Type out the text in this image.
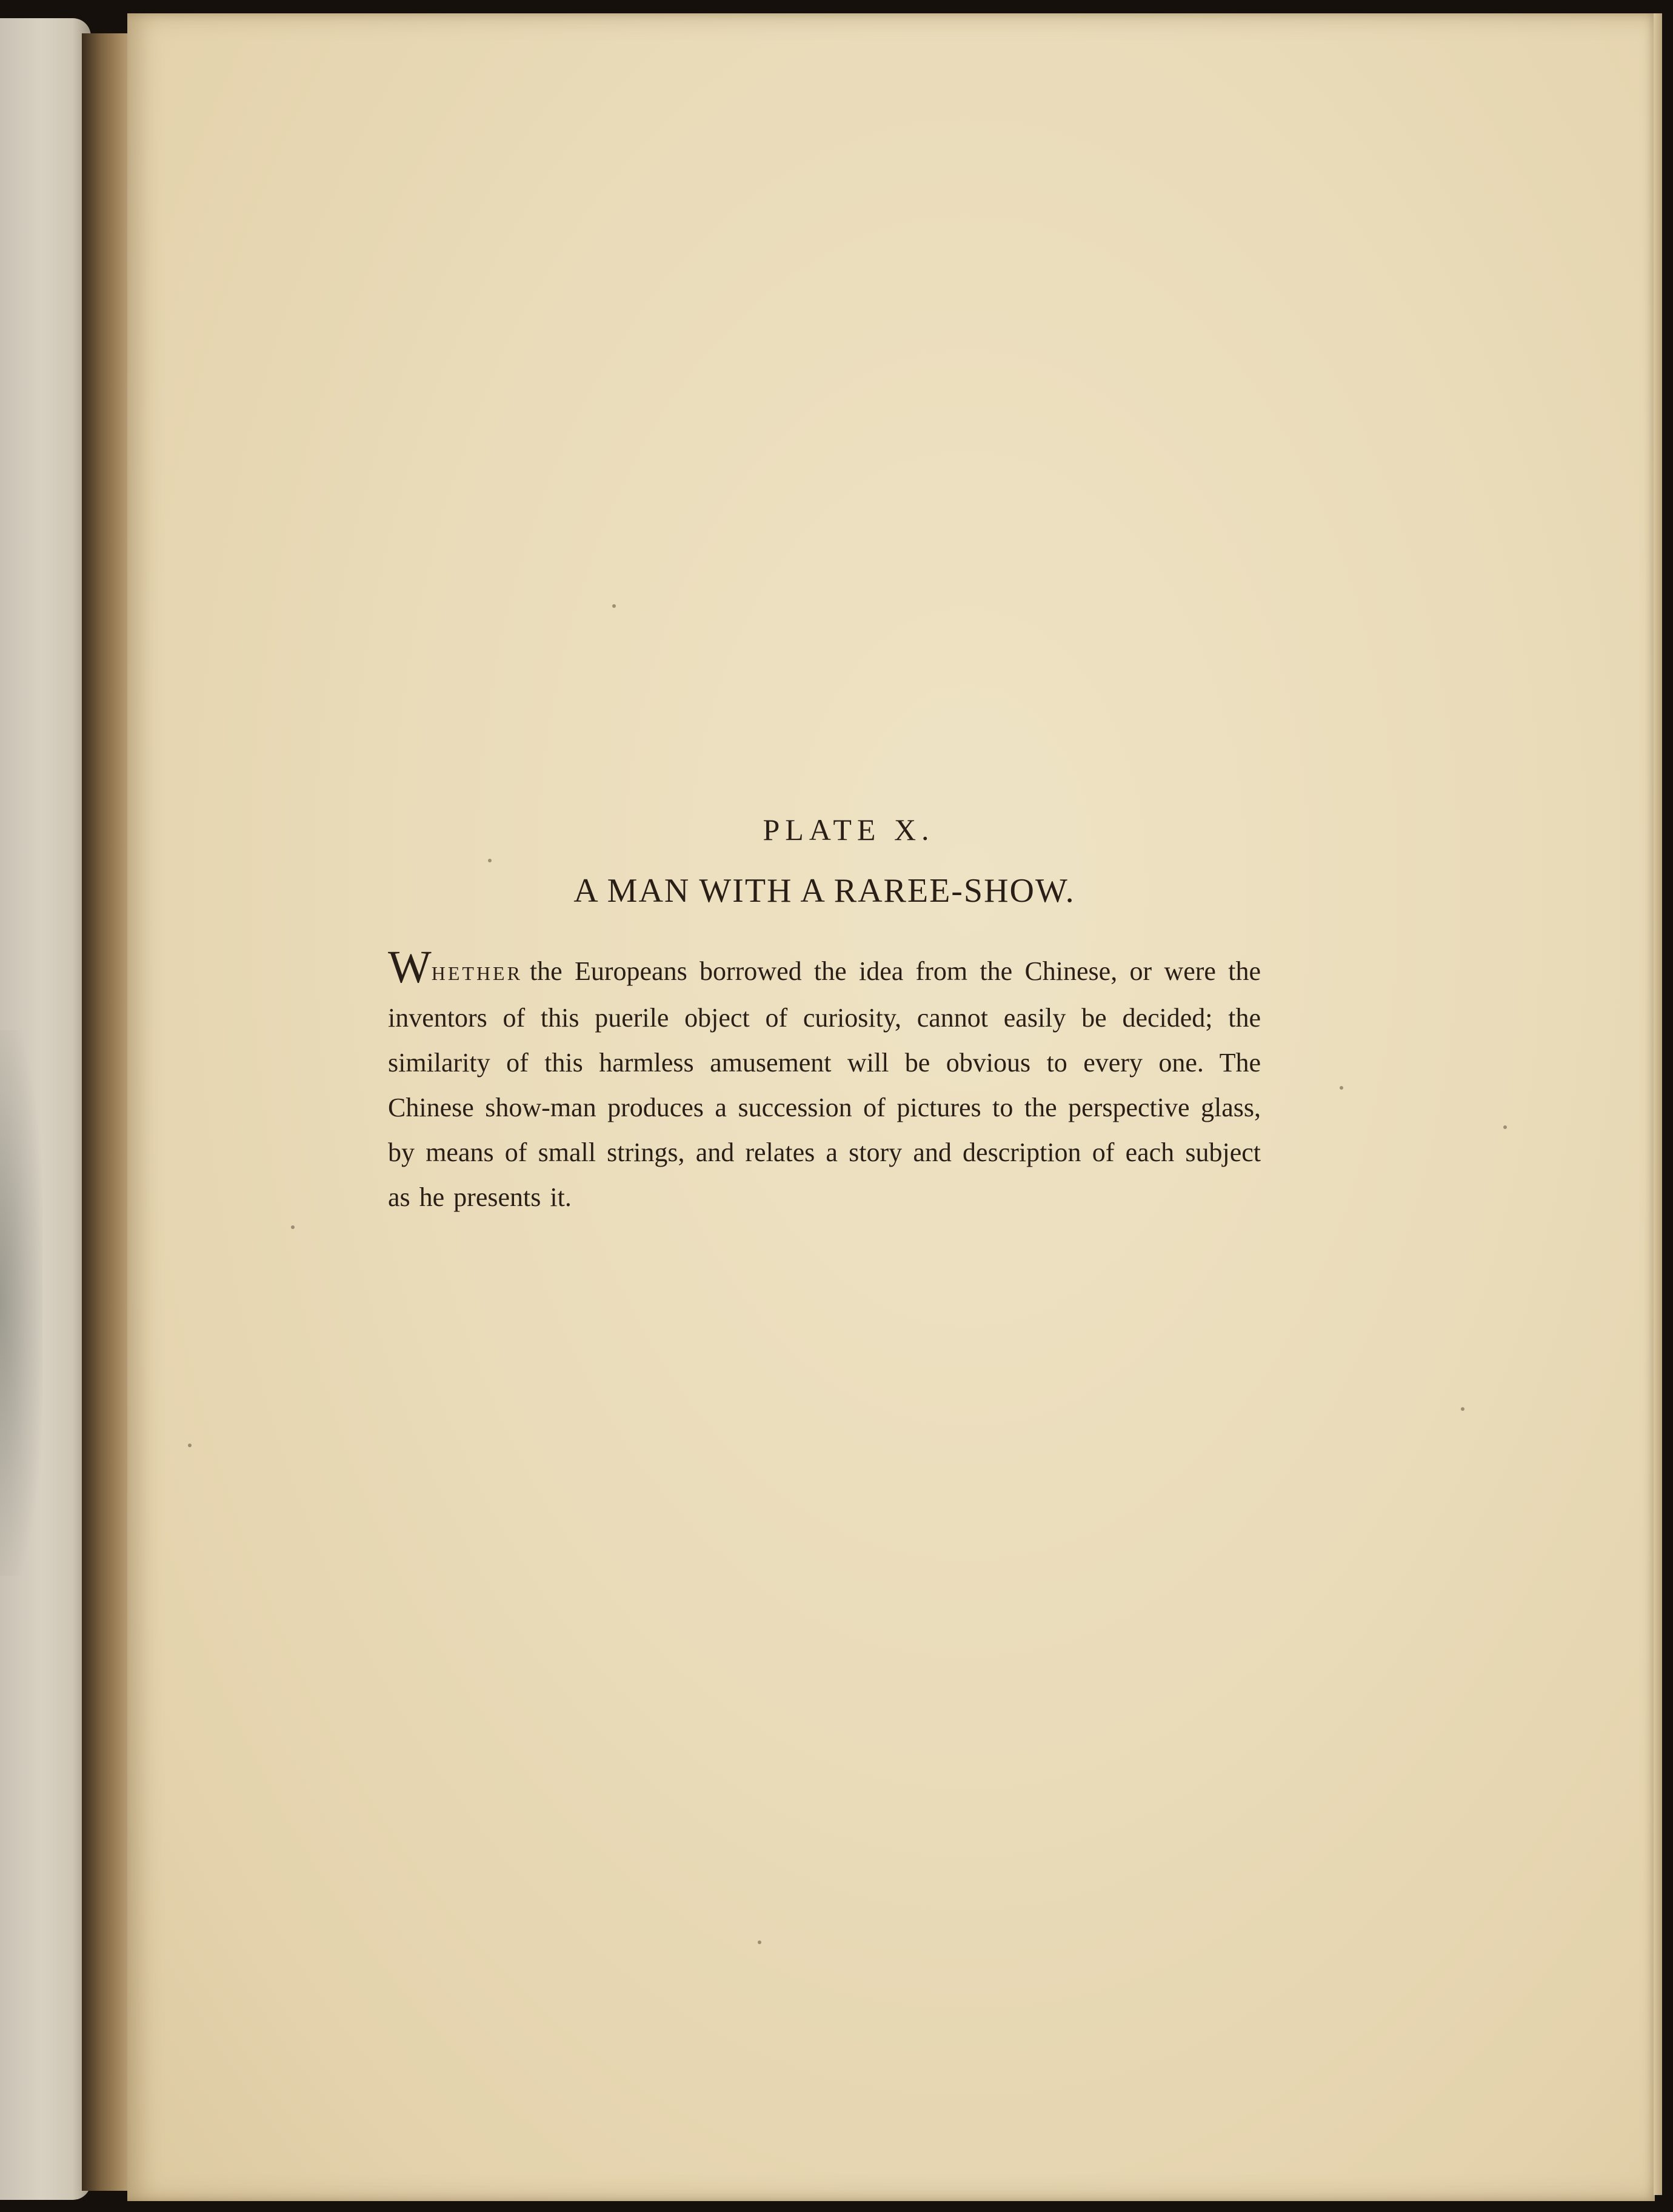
PLATE X.
A MAN WITH A RAREE-SHOW.

WHETHER the Europeans borrowed the idea from the Chinese, or were the inventors of this puerile object of curiosity, cannot easily be decided; the similarity of this harmless amusement will be obvious to every one. The Chinese show-man produces a succession of pictures to the perspective glass, by means of small strings, and relates a story and description of each subject as he presents it.
